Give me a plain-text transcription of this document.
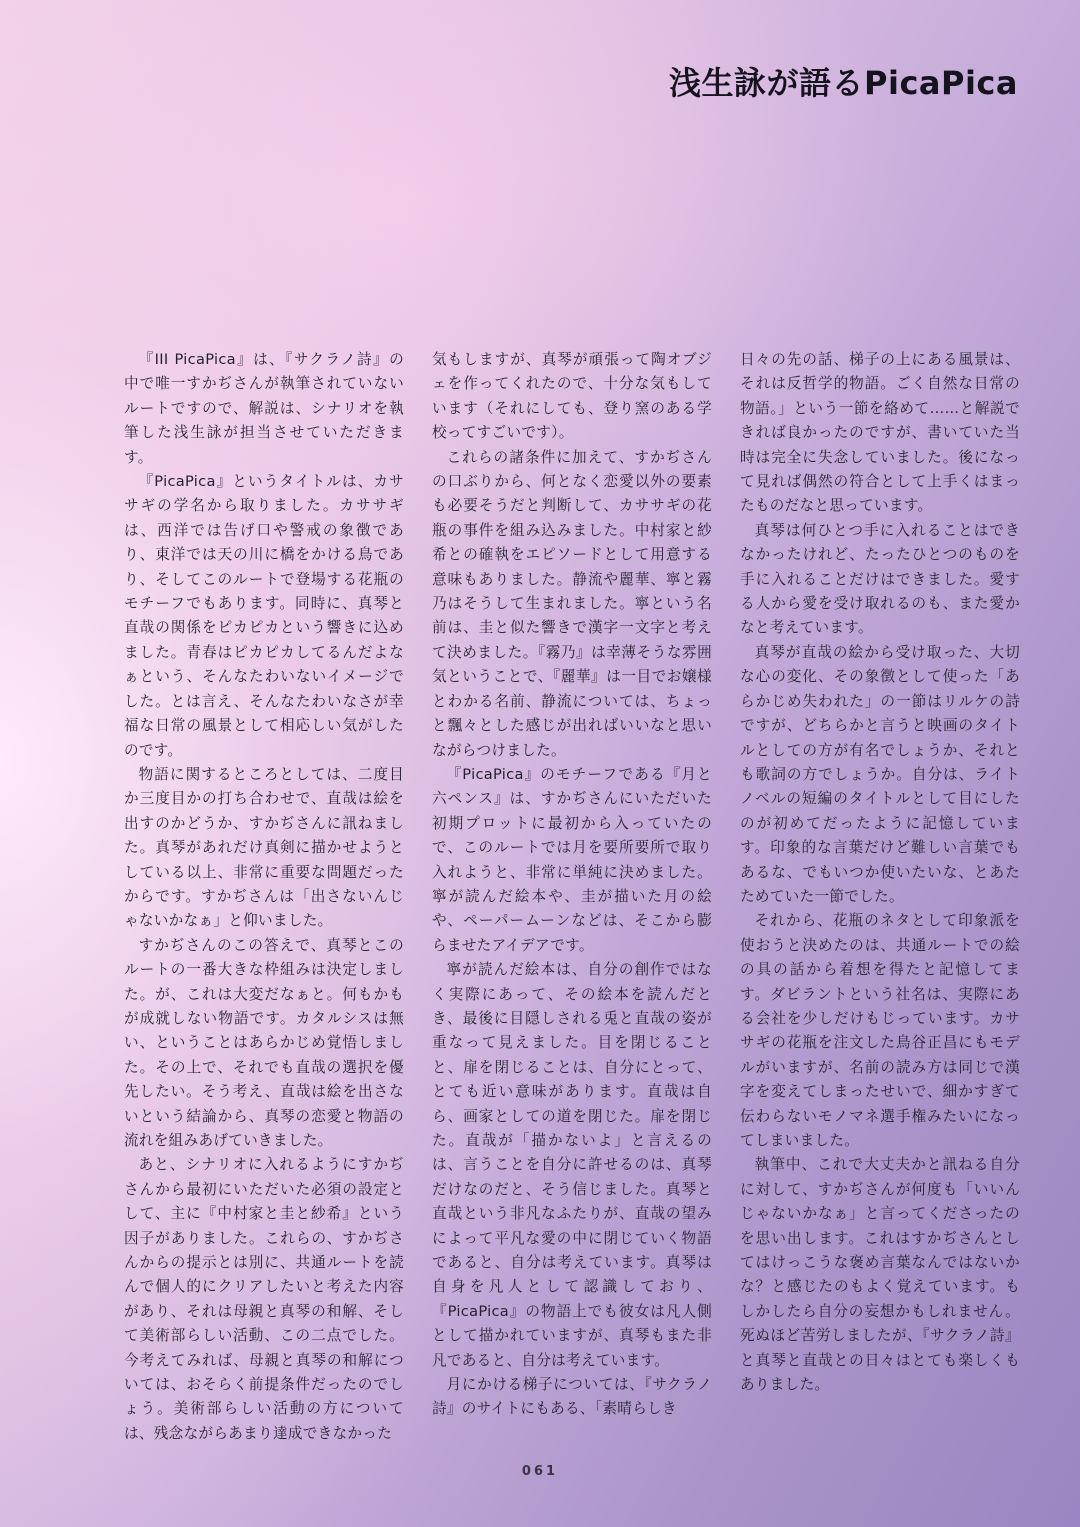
浅生詠が語るPicaPica

『III PicaPica』は、『サクラノ詩』の中で唯一すかぢさんが執筆されていないルートですので、解説は、シナリオを執筆した浅生詠が担当させていただきます。

『PicaPica』というタイトルは、カササギの学名から取りました。カササギは、西洋では告げ口や警戒の象徴であり、東洋では天の川に橋をかける鳥であり、そしてこのルートで登場する花瓶のモチーフでもあります。同時に、真琴と直哉の関係をピカピカという響きに込めました。青春はピカピカしてるんだよなぁという、そんなたわいないイメージでした。とは言え、そんなたわいなさが幸福な日常の風景として相応しい気がしたのです。

物語に関するところとしては、二度目か三度目かの打ち合わせで、直哉は絵を出すのかどうか、すかぢさんに訊ねました。真琴があれだけ真剣に描かせようとしている以上、非常に重要な問題だったからです。すかぢさんは「出さないんじゃないかなぁ」と仰いました。

すかぢさんのこの答えで、真琴とこのルートの一番大きな枠組みは決定しました。が、これは大変だなぁと。何もかもが成就しない物語です。カタルシスは無い、ということはあらかじめ覚悟しました。その上で、それでも直哉の選択を優先したい。そう考え、直哉は絵を出さないという結論から、真琴の恋愛と物語の流れを組みあげていきました。

あと、シナリオに入れるようにすかぢさんから最初にいただいた必須の設定として、主に『中村家と圭と紗希』という因子がありました。これらの、すかぢさんからの提示とは別に、共通ルートを読んで個人的にクリアしたいと考えた内容があり、それは母親と真琴の和解、そして美術部らしい活動、この二点でした。今考えてみれば、母親と真琴の和解については、おそらく前提条件だったのでしょう。美術部らしい活動の方については、残念ながらあまり達成できなかった

気もしますが、真琴が頑張って陶オブジェを作ってくれたので、十分な気もしています（それにしても、登り窯のある学校ってすごいです）。

これらの諸条件に加えて、すかぢさんの口ぶりから、何となく恋愛以外の要素も必要そうだと判断して、カササギの花瓶の事件を組み込みました。中村家と紗希との確執をエピソードとして用意する意味もありました。静流や麗華、寧と霧乃はそうして生まれました。寧という名前は、圭と似た響きで漢字一文字と考えて決めました。『霧乃』は幸薄そうな雰囲気ということで、『麗華』は一目でお嬢様とわかる名前、静流については、ちょっと飄々とした感じが出ればいいなと思いながらつけました。

『PicaPica』のモチーフである『月と六ペンス』は、すかぢさんにいただいた初期プロットに最初から入っていたので、このルートでは月を要所要所で取り入れようと、非常に単純に決めました。寧が読んだ絵本や、圭が描いた月の絵や、ペーパームーンなどは、そこから膨らませたアイデアです。

寧が読んだ絵本は、自分の創作ではなく実際にあって、その絵本を読んだとき、最後に目隠しされる兎と直哉の姿が重なって見えました。目を閉じることと、扉を閉じることは、自分にとって、とても近い意味があります。直哉は自ら、画家としての道を閉じた。扉を閉じた。直哉が「描かないよ」と言えるのは、言うことを自分に許せるのは、真琴だけなのだと、そう信じました。真琴と直哉という非凡なふたりが、直哉の望みによって平凡な愛の中に閉じていく物語であると、自分は考えています。真琴は自身を凡人として認識しており、『PicaPica』の物語上でも彼女は凡人側として描かれていますが、真琴もまた非凡であると、自分は考えています。

月にかける梯子については、『サクラノ詩』のサイトにもある、「素晴らしき

日々の先の話、梯子の上にある風景は、それは反哲学的物語。ごく自然な日常の物語。」という一節を絡めて……と解説できれば良かったのですが、書いていた当時は完全に失念していました。後になって見れば偶然の符合として上手くはまったものだなと思っています。

真琴は何ひとつ手に入れることはできなかったけれど、たったひとつのものを手に入れることだけはできました。愛する人から愛を受け取れるのも、また愛かなと考えています。

真琴が直哉の絵から受け取った、大切な心の変化、その象徴として使った「あらかじめ失われた」の一節はリルケの詩ですが、どちらかと言うと映画のタイトルとしての方が有名でしょうか、それとも歌詞の方でしょうか。自分は、ライトノベルの短編のタイトルとして目にしたのが初めてだったように記憶しています。印象的な言葉だけど難しい言葉でもあるな、でもいつか使いたいな、とあたためていた一節でした。

それから、花瓶のネタとして印象派を使おうと決めたのは、共通ルートでの絵の具の話から着想を得たと記憶してます。ダビラントという社名は、実際にある会社を少しだけもじっています。カササギの花瓶を注文した鳥谷正昌にもモデルがいますが、名前の読み方は同じで漢字を変えてしまったせいで、細かすぎて伝わらないモノマネ選手権みたいになってしまいました。

執筆中、これで大丈夫かと訊ねる自分に対して、すかぢさんが何度も「いいんじゃないかなぁ」と言ってくださったのを思い出します。これはすかぢさんとしてはけっこうな褒め言葉なんではないかな？と感じたのもよく覚えています。もしかしたら自分の妄想かもしれません。死ぬほど苦労しましたが、『サクラノ詩』と真琴と直哉との日々はとても楽しくもありました。

061
